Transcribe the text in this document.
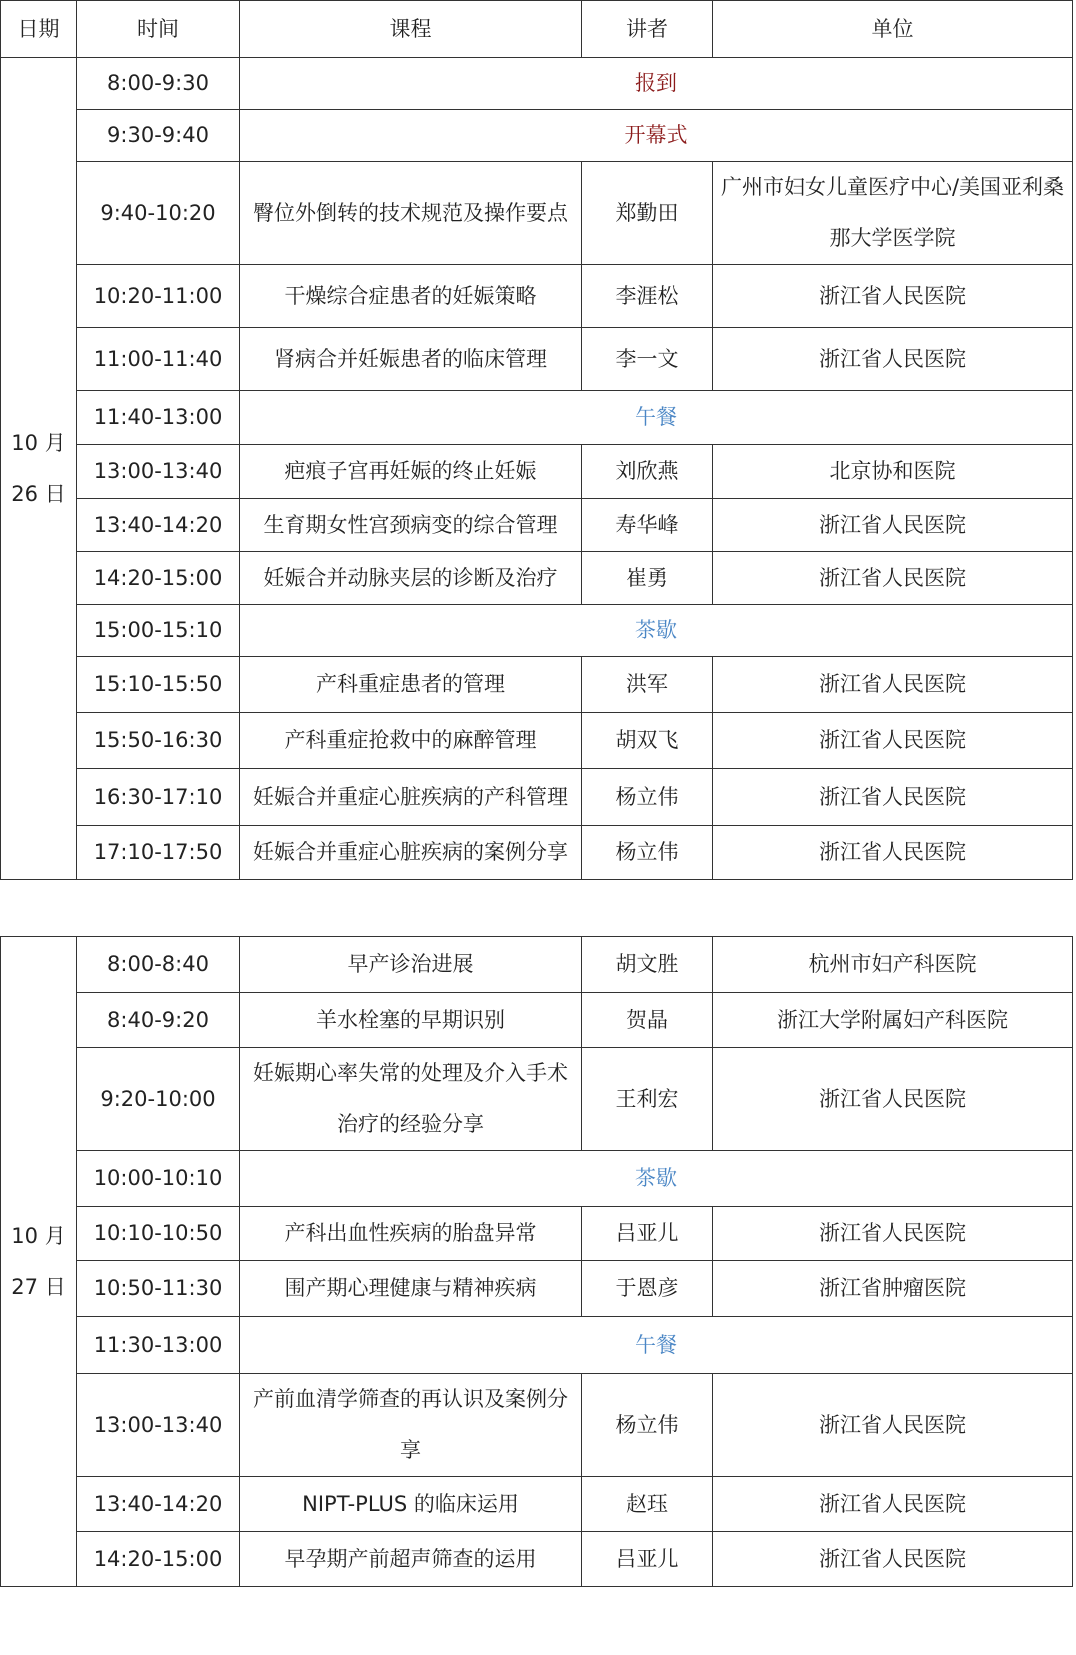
日期	时间	课程	讲者	单位

10 月
26 日	8:00-9:30	报到		
	9:30-9:40	开幕式		
	9:40-10:20	臀位外倒转的技术规范及操作要点	郑勤田	广州市妇女儿童医疗中心/美国亚利桑那大学医学院
	10:20-11:00	干燥综合症患者的妊娠策略	李涯松	浙江省人民医院
	11:00-11:40	肾病合并妊娠患者的临床管理	李一文	浙江省人民医院
	11:40-13:00	午餐		
	13:00-13:40	疤痕子宫再妊娠的终止妊娠	刘欣燕	北京协和医院
	13:40-14:20	生育期女性宫颈病变的综合管理	寿华峰	浙江省人民医院
	14:20-15:00	妊娠合并动脉夹层的诊断及治疗	崔勇	浙江省人民医院
	15:00-15:10	茶歇		
	15:10-15:50	产科重症患者的管理	洪军	浙江省人民医院
	15:50-16:30	产科重症抢救中的麻醉管理	胡双飞	浙江省人民医院
	16:30-17:10	妊娠合并重症心脏疾病的产科管理	杨立伟	浙江省人民医院
	17:10-17:50	妊娠合并重症心脏疾病的案例分享	杨立伟	浙江省人民医院

10 月
27 日	8:00-8:40	早产诊治进展	胡文胜	杭州市妇产科医院
	8:40-9:20	羊水栓塞的早期识别	贺晶	浙江大学附属妇产科医院
	9:20-10:00	妊娠期心率失常的处理及介入手术治疗的经验分享	王利宏	浙江省人民医院
	10:00-10:10	茶歇		
	10:10-10:50	产科出血性疾病的胎盘异常	吕亚儿	浙江省人民医院
	10:50-11:30	围产期心理健康与精神疾病	于恩彦	浙江省肿瘤医院
	11:30-13:00	午餐		
	13:00-13:40	产前血清学筛查的再认识及案例分享	杨立伟	浙江省人民医院
	13:40-14:20	NIPT-PLUS 的临床运用	赵珏	浙江省人民医院
	14:20-15:00	早孕期产前超声筛查的运用	吕亚儿	浙江省人民医院
